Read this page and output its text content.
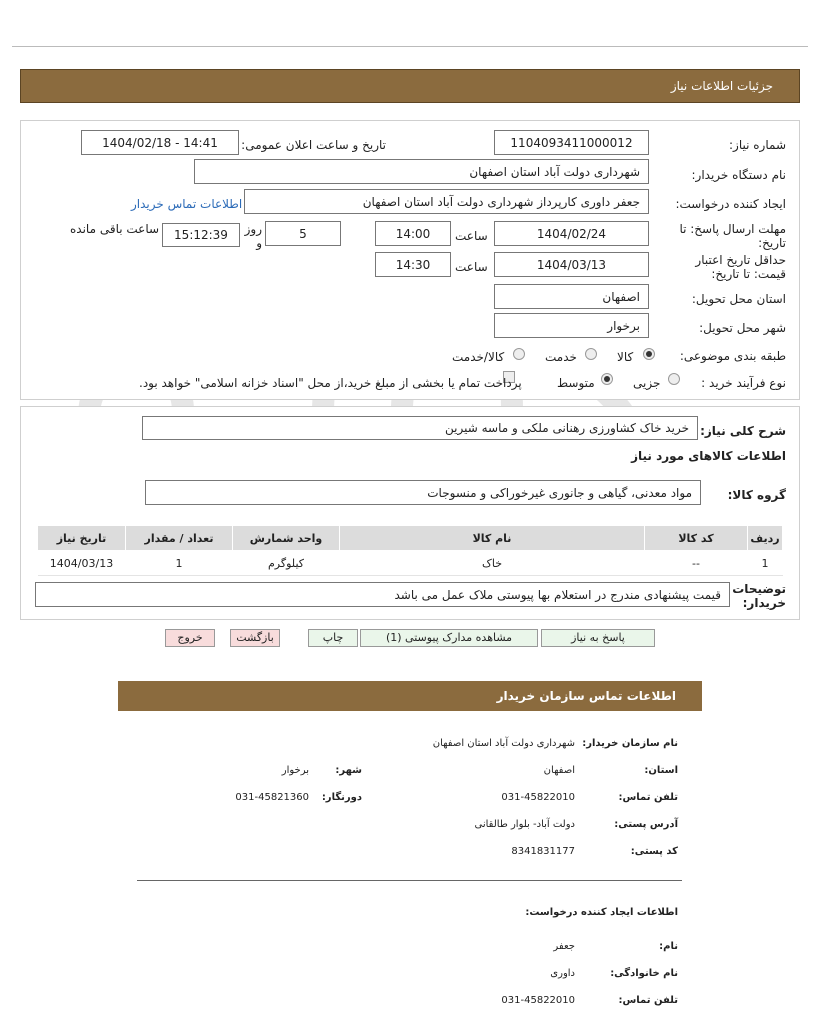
جزئیات اطلاعات نیاز
شماره نیاز:
1104093411000012
تاریخ و ساعت اعلان عمومی:
1404/02/18 - 14:41
نام دستگاه خریدار:
شهرداری دولت آباد استان اصفهان
ایجاد کننده درخواست:
جعفر داوری کارپرداز شهرداری دولت آباد استان اصفهان
اطلاعات تماس خریدار
مهلت ارسال پاسخ: تا تاریخ:
1404/02/24
ساعت
14:00
5
روز و
15:12:39
ساعت باقی مانده
حداقل تاریخ اعتبار قیمت: تا تاریخ:
1404/03/13
ساعت
14:30
استان محل تحویل:
اصفهان
شهر محل تحویل:
برخوار
طبقه بندی موضوعی:
کالا
خدمت
کالا/خدمت
نوع فرآیند خرید :
جزیی
متوسط
پرداخت تمام یا بخشی از مبلغ خرید،از محل "اسناد خزانه اسلامی" خواهد بود.
شرح کلی نیاز:
خرید خاک کشاورزی رهنانی ملکی و ماسه شیرین
اطلاعات کالاهای مورد نیاز
گروه کالا:
مواد معدنی، گیاهی و جانوری غیرخوراکی و منسوجات
ردیف	کد کالا	نام کالا	واحد شمارش	تعداد / مقدار	تاریخ نیاز
1	--	خاک	کیلوگرم	1	1404/03/13
توضیحات خریدار:
قیمت پیشنهادی مندرج در استعلام بها پیوستی ملاک عمل می باشد
پاسخ به نیاز
مشاهده مدارک پیوستی (1)
چاپ
بازگشت
خروج
اطلاعات تماس سازمان خریدار
نام سازمان خریدار:
شهرداری دولت آباد استان اصفهان
استان:
اصفهان
شهر:
برخوار
تلفن تماس:
031-45822010
دورنگار:
031-45821360
آدرس پستی:
دولت آباد- بلوار طالقانی
کد پستی:
8341831177
اطلاعات ایجاد کننده درخواست:
نام:
جعفر
نام خانوادگی:
داوری
تلفن تماس:
031-45822010
